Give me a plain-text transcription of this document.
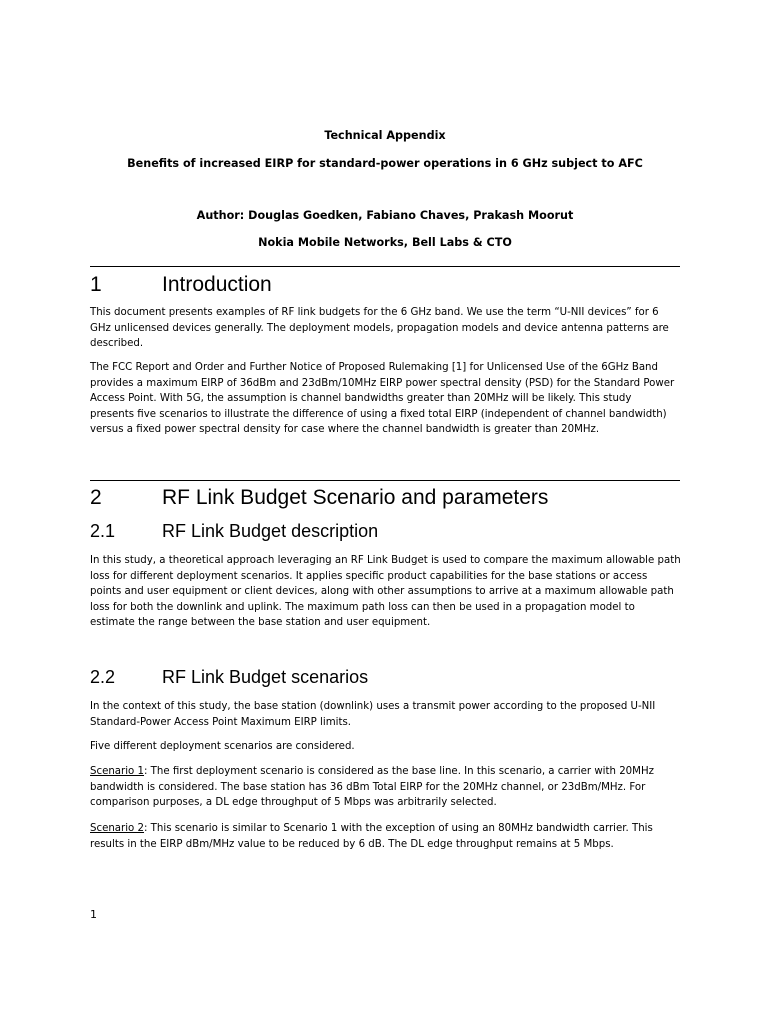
Technical Appendix
Benefits of increased EIRP for standard-power operations in 6 GHz subject to AFC
Author: Douglas Goedken, Fabiano Chaves, Prakash Moorut
Nokia Mobile Networks, Bell Labs & CTO
1	Introduction
This document presents examples of RF link budgets for the 6 GHz band. We use the term “U-NII devices” for 6
GHz unlicensed devices generally. The deployment models, propagation models and device antenna patterns are
described.
The FCC Report and Order and Further Notice of Proposed Rulemaking [1] for Unlicensed Use of the 6GHz Band
provides a maximum EIRP of 36dBm and 23dBm/10MHz EIRP power spectral density (PSD) for the Standard Power
Access Point. With 5G, the assumption is channel bandwidths greater than 20MHz will be likely. This study
presents five scenarios to illustrate the difference of using a fixed total EIRP (independent of channel bandwidth)
versus a fixed power spectral density for case where the channel bandwidth is greater than 20MHz.
2	RF Link Budget Scenario and parameters
2.1	RF Link Budget description
In this study, a theoretical approach leveraging an RF Link Budget is used to compare the maximum allowable path
loss for different deployment scenarios. It applies specific product capabilities for the base stations or access
points and user equipment or client devices, along with other assumptions to arrive at a maximum allowable path
loss for both the downlink and uplink. The maximum path loss can then be used in a propagation model to
estimate the range between the base station and user equipment.
2.2	RF Link Budget scenarios
In the context of this study, the base station (downlink) uses a transmit power according to the proposed U-NII
Standard-Power Access Point Maximum EIRP limits.
Five different deployment scenarios are considered.
Scenario 1: The first deployment scenario is considered as the base line. In this scenario, a carrier with 20MHz
bandwidth is considered. The base station has 36 dBm Total EIRP for the 20MHz channel, or 23dBm/MHz. For
comparison purposes, a DL edge throughput of 5 Mbps was arbitrarily selected.
Scenario 2: This scenario is similar to Scenario 1 with the exception of using an 80MHz bandwidth carrier. This
results in the EIRP dBm/MHz value to be reduced by 6 dB. The DL edge throughput remains at 5 Mbps.
1
